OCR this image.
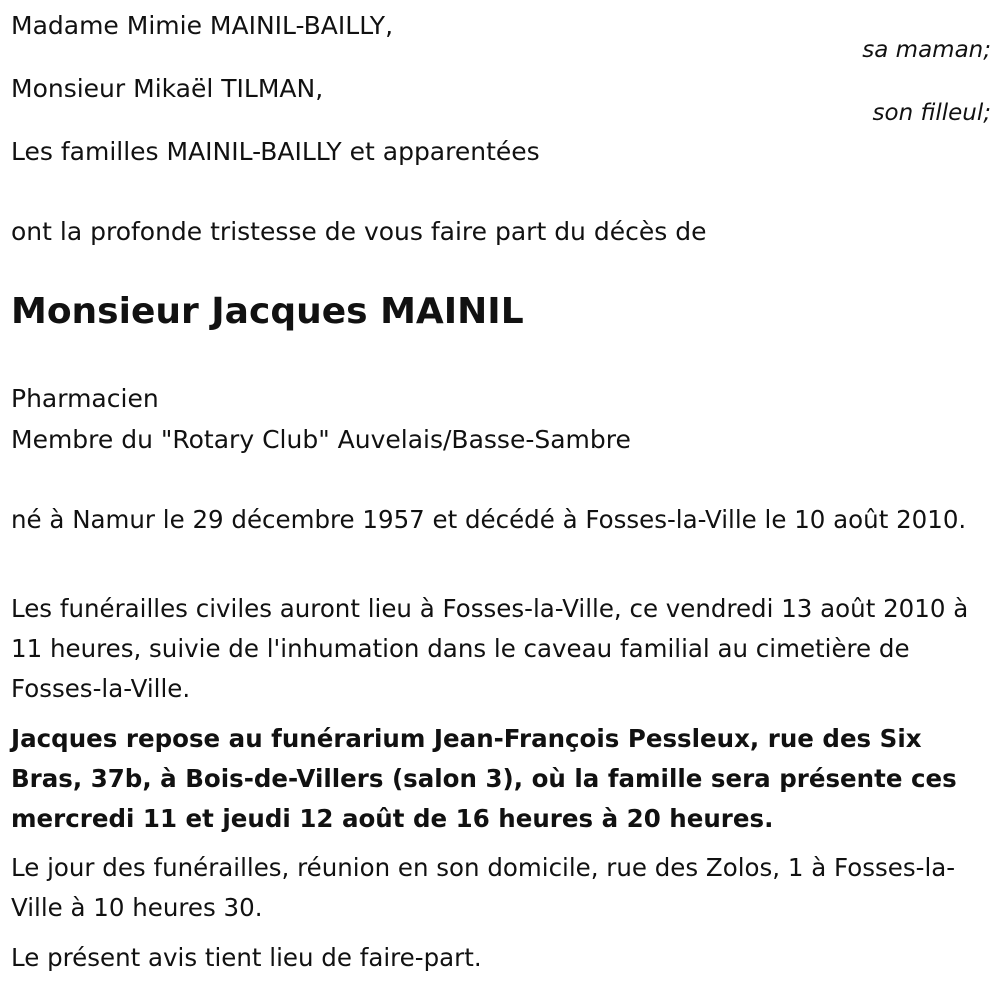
Madame Mimie MAINIL-BAILLY,
sa maman;
Monsieur Mikaël TILMAN,
son filleul;
Les familles MAINIL-BAILLY et apparentées
ont la profonde tristesse de vous faire part du décès de
Monsieur Jacques MAINIL
Pharmacien
Membre du "Rotary Club" Auvelais/Basse-Sambre
né à Namur le 29 décembre 1957 et décédé à Fosses-la-Ville le 10 août 2010.
Les funérailles civiles auront lieu à Fosses-la-Ville, ce vendredi 13 août 2010 à 11 heures, suivie de l'inhumation dans le caveau familial au cimetière de Fosses-la-Ville.
Jacques repose au funérarium Jean-François Pessleux, rue des Six Bras, 37b, à Bois-de-Villers (salon 3), où la famille sera présente ces mercredi 11 et jeudi 12 août de 16 heures à 20 heures.
Le jour des funérailles, réunion en son domicile, rue des Zolos, 1 à Fosses-la-Ville à 10 heures 30.
Le présent avis tient lieu de faire-part.
